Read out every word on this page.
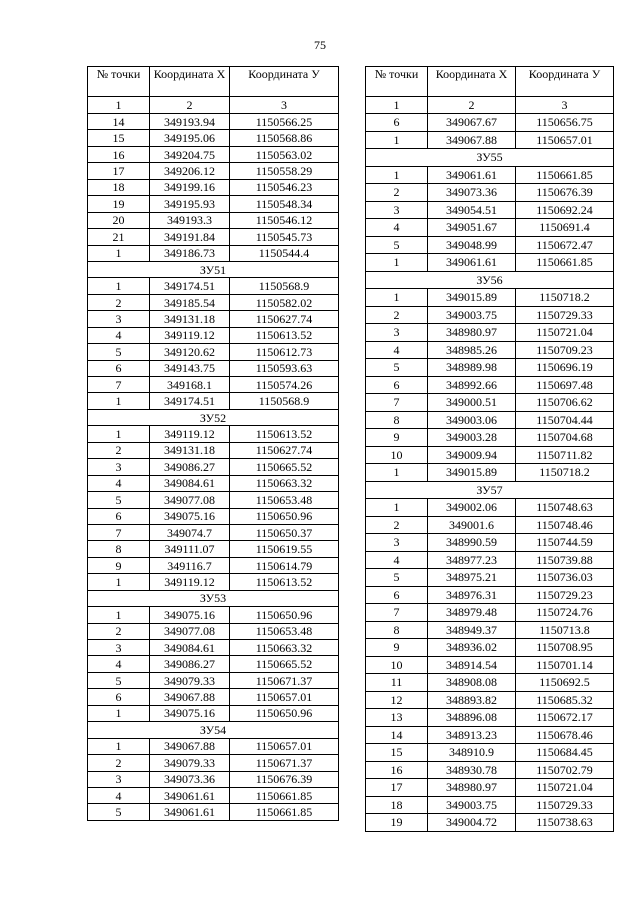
75
№ точки	Координата Х	Координата У
1	2	3
14	349193.94	1150566.25
15	349195.06	1150568.86
16	349204.75	1150563.02
17	349206.12	1150558.29
18	349199.16	1150546.23
19	349195.93	1150548.34
20	349193.3	1150546.12
21	349191.84	1150545.73
1	349186.73	1150544.4
ЗУ51		
1	349174.51	1150568.9
2	349185.54	1150582.02
3	349131.18	1150627.74
4	349119.12	1150613.52
5	349120.62	1150612.73
6	349143.75	1150593.63
7	349168.1	1150574.26
1	349174.51	1150568.9
ЗУ52		
1	349119.12	1150613.52
2	349131.18	1150627.74
3	349086.27	1150665.52
4	349084.61	1150663.32
5	349077.08	1150653.48
6	349075.16	1150650.96
7	349074.7	1150650.37
8	349111.07	1150619.55
9	349116.7	1150614.79
1	349119.12	1150613.52
ЗУ53		
1	349075.16	1150650.96
2	349077.08	1150653.48
3	349084.61	1150663.32
4	349086.27	1150665.52
5	349079.33	1150671.37
6	349067.88	1150657.01
1	349075.16	1150650.96
ЗУ54		
1	349067.88	1150657.01
2	349079.33	1150671.37
3	349073.36	1150676.39
4	349061.61	1150661.85
5	349061.61	1150661.85
№ точки	Координата Х	Координата У
1	2	3
6	349067.67	1150656.75
1	349067.88	1150657.01
ЗУ55		
1	349061.61	1150661.85
2	349073.36	1150676.39
3	349054.51	1150692.24
4	349051.67	1150691.4
5	349048.99	1150672.47
1	349061.61	1150661.85
ЗУ56		
1	349015.89	1150718.2
2	349003.75	1150729.33
3	348980.97	1150721.04
4	348985.26	1150709.23
5	348989.98	1150696.19
6	348992.66	1150697.48
7	349000.51	1150706.62
8	349003.06	1150704.44
9	349003.28	1150704.68
10	349009.94	1150711.82
1	349015.89	1150718.2
ЗУ57		
1	349002.06	1150748.63
2	349001.6	1150748.46
3	348990.59	1150744.59
4	348977.23	1150739.88
5	348975.21	1150736.03
6	348976.31	1150729.23
7	348979.48	1150724.76
8	348949.37	1150713.8
9	348936.02	1150708.95
10	348914.54	1150701.14
11	348908.08	1150692.5
12	348893.82	1150685.32
13	348896.08	1150672.17
14	348913.23	1150678.46
15	348910.9	1150684.45
16	348930.78	1150702.79
17	348980.97	1150721.04
18	349003.75	1150729.33
19	349004.72	1150738.63
